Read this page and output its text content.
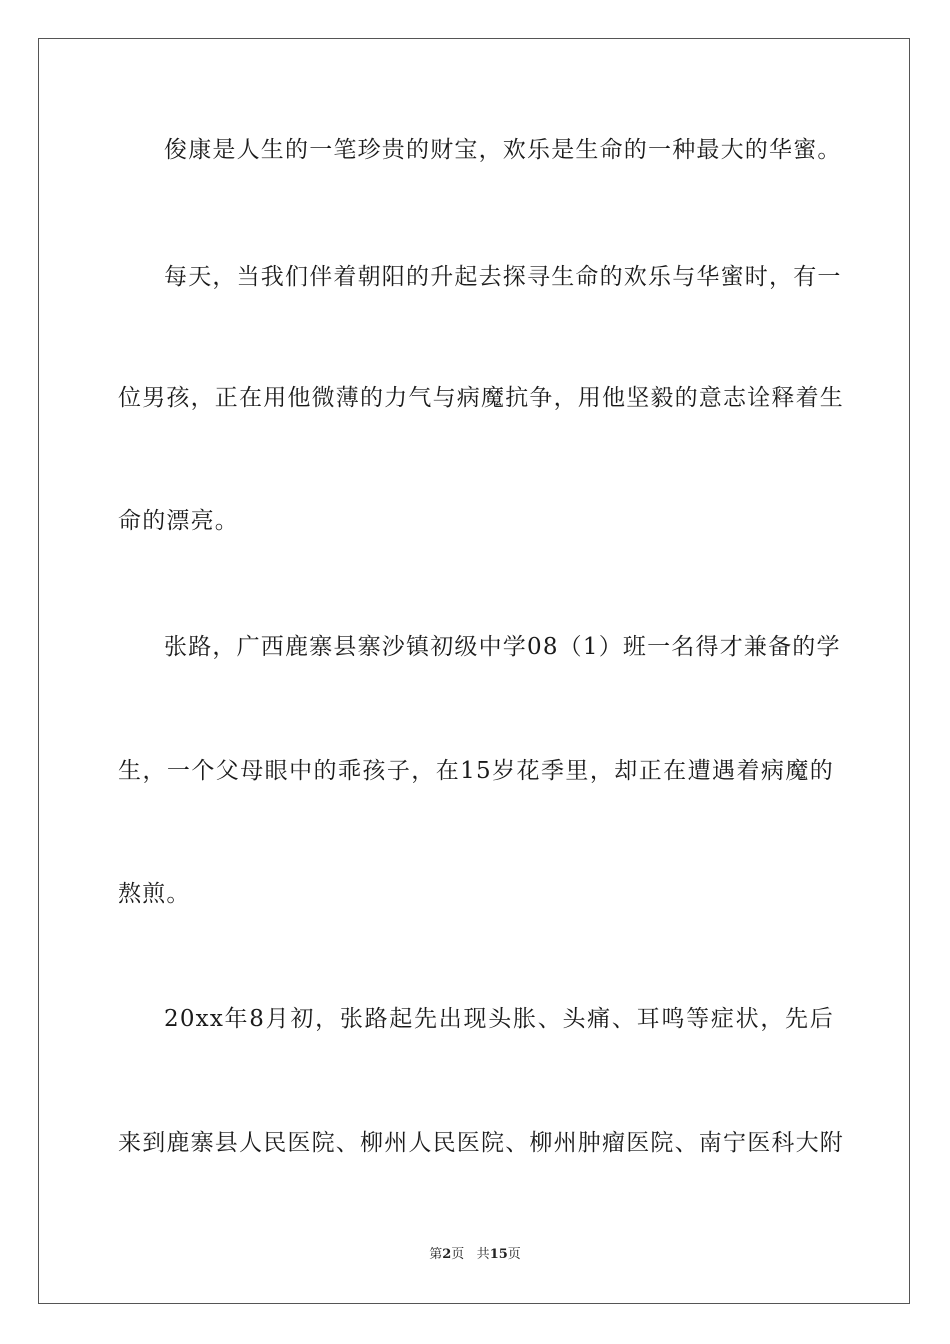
俊康是人生的一笔珍贵的财宝，欢乐是生命的一种最大的华蜜。
每天，当我们伴着朝阳的升起去探寻生命的欢乐与华蜜时，有一
位男孩，正在用他微薄的力气与病魔抗争，用他坚毅的意志诠释着生
命的漂亮。
张路，广西鹿寨县寨沙镇初级中学08（1）班一名得才兼备的学
生，一个父母眼中的乖孩子，在15岁花季里，却正在遭遇着病魔的
熬煎。
20xx年8月初，张路起先出现头胀、头痛、耳鸣等症状，先后
来到鹿寨县人民医院、柳州人民医院、柳州肿瘤医院、南宁医科大附
第2页 共15页
